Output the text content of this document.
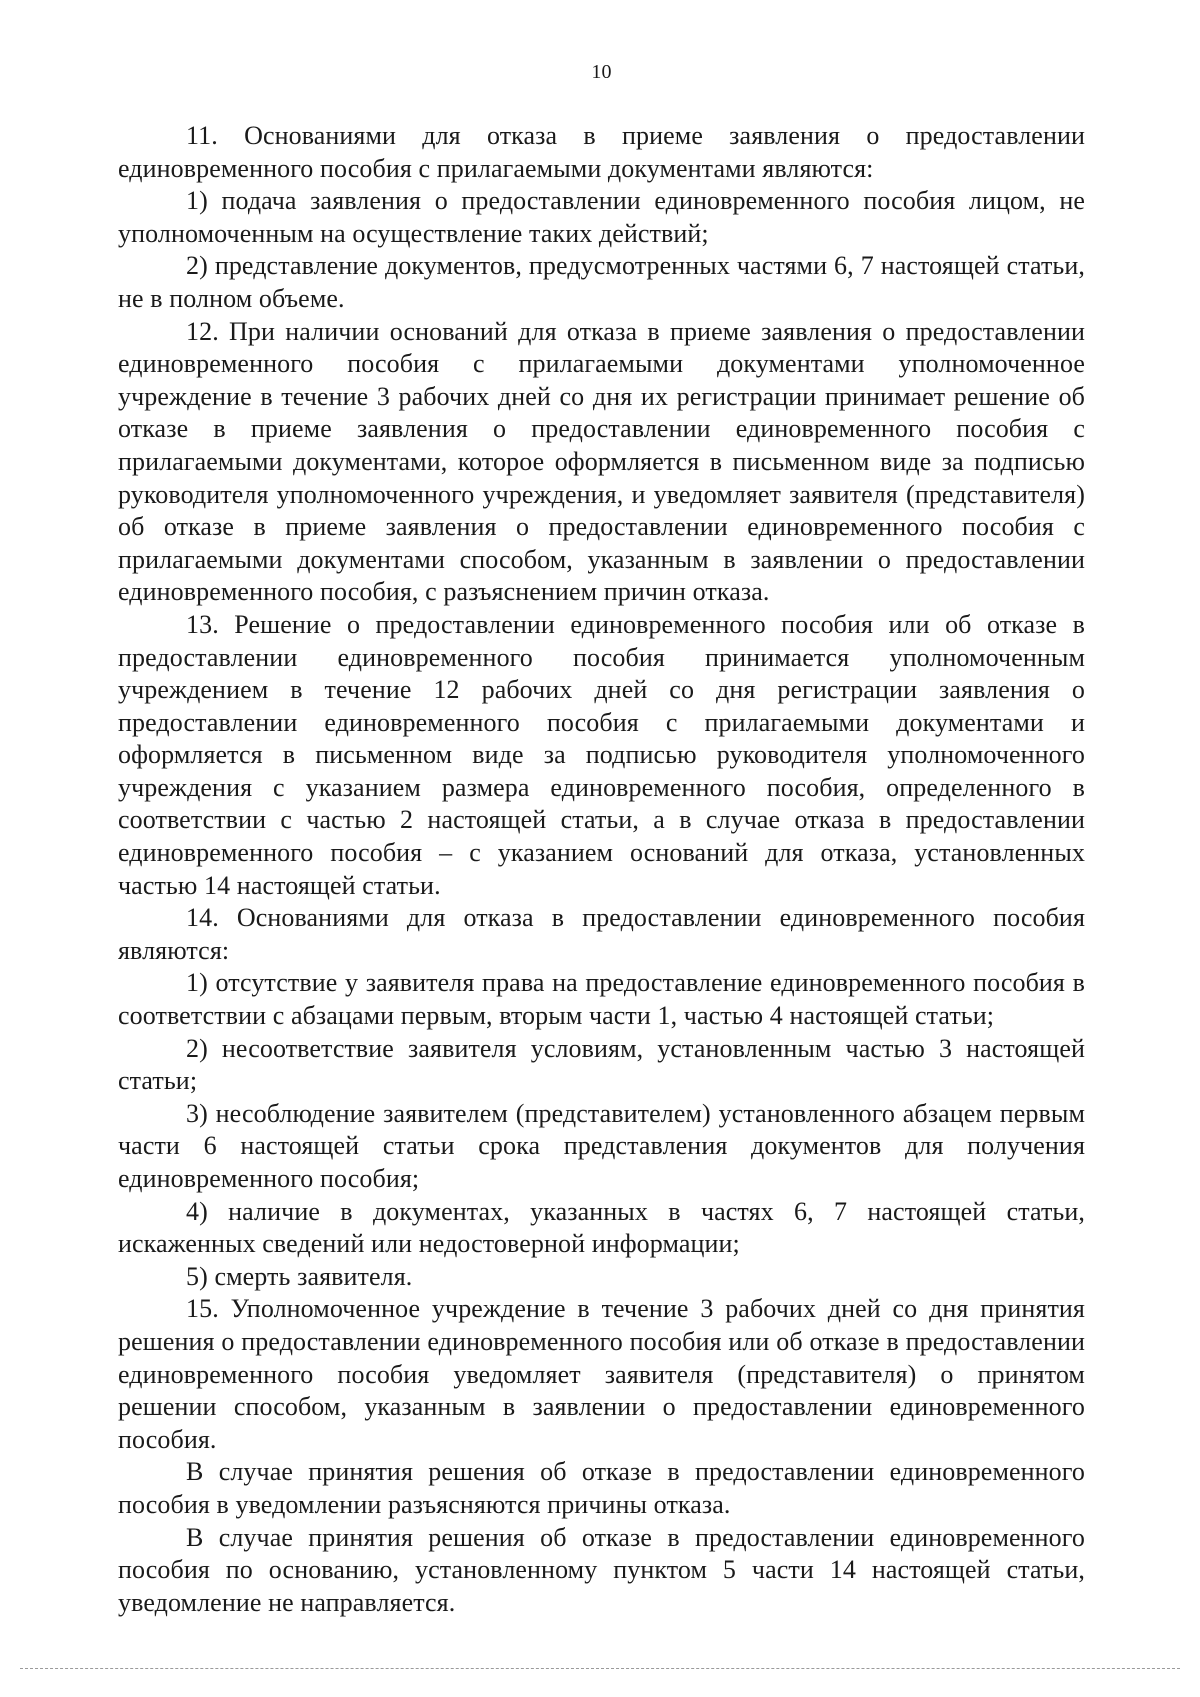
10

11. Основаниями для отказа в приеме заявления о предоставлении единовременного пособия с прилагаемыми документами являются:

1) подача заявления о предоставлении единовременного пособия лицом, не уполномоченным на осуществление таких действий;

2) представление документов, предусмотренных частями 6, 7 настоящей статьи, не в полном объеме.

12. При наличии оснований для отказа в приеме заявления о предоставлении единовременного пособия с прилагаемыми документами уполномоченное учреждение в течение 3 рабочих дней со дня их регистрации принимает решение об отказе в приеме заявления о предоставлении единовременного пособия с прилагаемыми документами, которое оформляется в письменном виде за подписью руководителя уполномоченного учреждения, и уведомляет заявителя (представителя) об отказе в приеме заявления о предоставлении единовременного пособия с прилагаемыми документами способом, указанным в заявлении о предоставлении единовременного пособия, с разъяснением причин отказа.

13. Решение о предоставлении единовременного пособия или об отказе в предоставлении единовременного пособия принимается уполномоченным учреждением в течение 12 рабочих дней со дня регистрации заявления о предоставлении единовременного пособия с прилагаемыми документами и оформляется в письменном виде за подписью руководителя уполномоченного учреждения с указанием размера единовременного пособия, определенного в соответствии с частью 2 настоящей статьи, а в случае отказа в предоставлении единовременного пособия – с указанием оснований для отказа, установленных частью 14 настоящей статьи.

14. Основаниями для отказа в предоставлении единовременного пособия являются:

1) отсутствие у заявителя права на предоставление единовременного пособия в соответствии с абзацами первым, вторым части 1, частью 4 настоящей статьи;

2) несоответствие заявителя условиям, установленным частью 3 настоящей статьи;

3) несоблюдение заявителем (представителем) установленного абзацем первым части 6 настоящей статьи срока представления документов для получения единовременного пособия;

4) наличие в документах, указанных в частях 6, 7 настоящей статьи, искаженных сведений или недостоверной информации;

5) смерть заявителя.

15. Уполномоченное учреждение в течение 3 рабочих дней со дня принятия решения о предоставлении единовременного пособия или об отказе в предоставлении единовременного пособия уведомляет заявителя (представителя) о принятом решении способом, указанным в заявлении о предоставлении единовременного пособия.

В случае принятия решения об отказе в предоставлении единовременного пособия в уведомлении разъясняются причины отказа.

В случае принятия решения об отказе в предоставлении единовременного пособия по основанию, установленному пунктом 5 части 14 настоящей статьи, уведомление не направляется.
